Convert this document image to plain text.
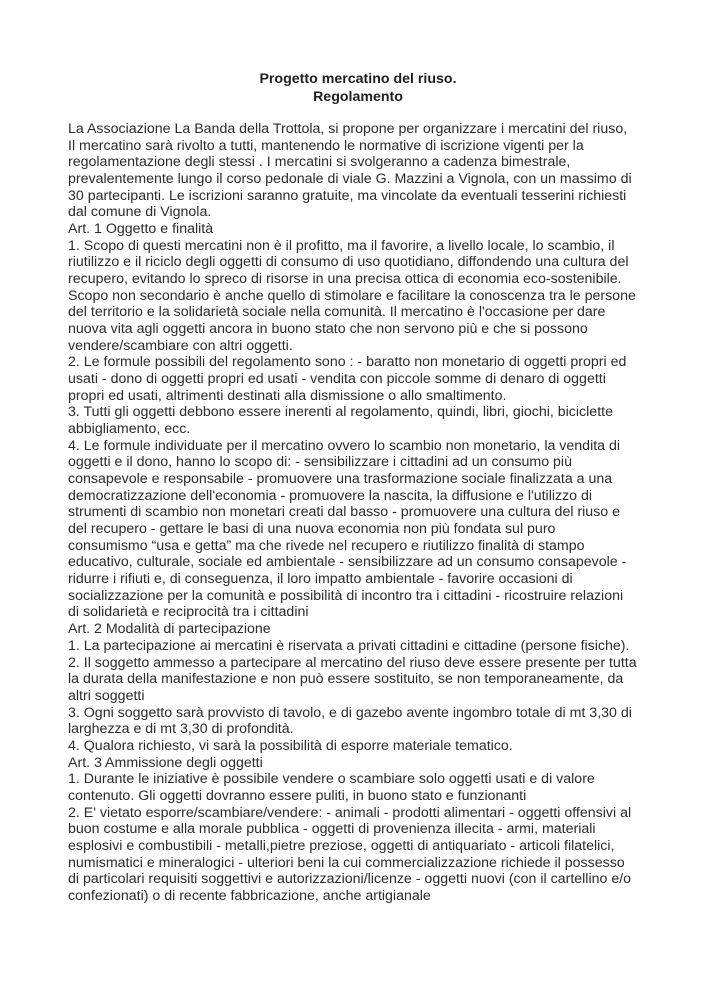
Progetto mercatino del riuso.
Regolamento
La Associazione La Banda della Trottola, si propone per organizzare i mercatini del riuso,
Il mercatino sarà rivolto a tutti, mantenendo le normative di iscrizione vigenti per la
regolamentazione degli stessi . I mercatini si svolgeranno a cadenza bimestrale,
prevalentemente lungo il corso pedonale di viale G. Mazzini a Vignola, con un massimo di
30 partecipanti. Le iscrizioni saranno gratuite, ma vincolate da eventuali tesserini richiesti
dal comune di Vignola.
Art. 1 Oggetto e finalità
1. Scopo di questi mercatini non è il profitto, ma il favorire, a livello locale, lo scambio, il
riutilizzo e il riciclo degli oggetti di consumo di uso quotidiano, diffondendo una cultura del
recupero, evitando lo spreco di risorse in una precisa ottica di economia eco-sostenibile.
Scopo non secondario è anche quello di stimolare e facilitare la conoscenza tra le persone
del territorio e la solidarietà sociale nella comunità. Il mercatino è l'occasione per dare
nuova vita agli oggetti ancora in buono stato che non servono più e che si possono
vendere/scambiare con altri oggetti.
2. Le formule possibili del regolamento sono : - baratto non monetario di oggetti propri ed
usati - dono di oggetti propri ed usati - vendita con piccole somme di denaro di oggetti
propri ed usati, altrimenti destinati alla dismissione o allo smaltimento.
3. Tutti gli oggetti debbono essere inerenti al regolamento, quindi, libri, giochi, biciclette
abbigliamento, ecc.
4. Le formule individuate per il mercatino ovvero lo scambio non monetario, la vendita di
oggetti e il dono, hanno lo scopo di: - sensibilizzare i cittadini ad un consumo più
consapevole e responsabile - promuovere una trasformazione sociale finalizzata a una
democratizzazione dell'economia - promuovere la nascita, la diffusione e l'utilizzo di
strumenti di scambio non monetari creati dal basso - promuovere una cultura del riuso e
del recupero - gettare le basi di una nuova economia non più fondata sul puro
consumismo “usa e getta” ma che rivede nel recupero e riutilizzo finalità di stampo
educativo, culturale, sociale ed ambientale - sensibilizzare ad un consumo consapevole -
ridurre i rifiuti e, di conseguenza, il loro impatto ambientale - favorire occasioni di
socializzazione per la comunità e possibilità di incontro tra i cittadini - ricostruire relazioni
di solidarietà e reciprocità tra i cittadini
Art. 2 Modalità di partecipazione
1. La partecipazione ai mercatini è riservata a privati cittadini e cittadine (persone fisiche).
2. Il soggetto ammesso a partecipare al mercatino del riuso deve essere presente per tutta
la durata della manifestazione e non può essere sostituito, se non temporaneamente, da
altri soggetti
3. Ogni soggetto sarà provvisto di tavolo, e di gazebo avente ingombro totale di mt 3,30 di
larghezza e di mt 3,30 di profondità.
4. Qualora richiesto, vi sarà la possibilità di esporre materiale tematico.
Art. 3 Ammissione degli oggetti
1. Durante le iniziative è possibile vendere o scambiare solo oggetti usati e di valore
contenuto. Gli oggetti dovranno essere puliti, in buono stato e funzionanti
2. E' vietato esporre/scambiare/vendere: - animali - prodotti alimentari - oggetti offensivi al
buon costume e alla morale pubblica - oggetti di provenienza illecita - armi, materiali
esplosivi e combustibili - metalli,pietre preziose, oggetti di antiquariato - articoli filatelici,
numismatici e mineralogici - ulteriori beni la cui commercializzazione richiede il possesso
di particolari requisiti soggettivi e autorizzazioni/licenze - oggetti nuovi (con il cartellino e/o
confezionati) o di recente fabbricazione, anche artigianale
